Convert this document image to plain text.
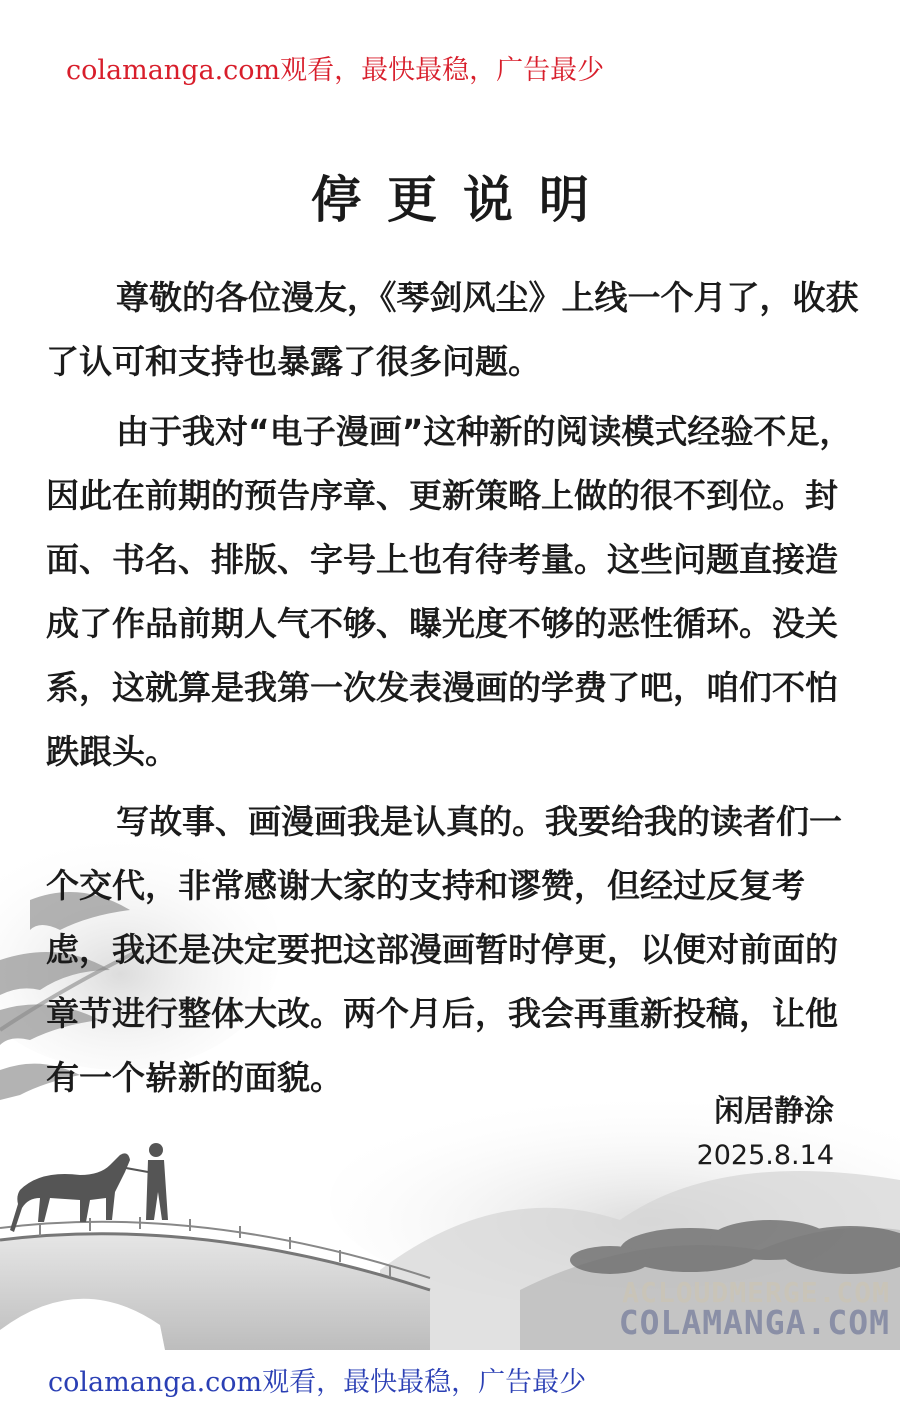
colamanga.com观看，最快最稳，广告最少
停更说明

尊敬的各位漫友，《琴剑风尘》上线一个月了，收获了认可和支持也暴露了很多问题。

由于我对“电子漫画”这种新的阅读模式经验不足，因此在前期的预告序章、更新策略上做的很不到位。封面、书名、排版、字号上也有待考量。这些问题直接造成了作品前期人气不够、曝光度不够的恶性循环。没关系，这就算是我第一次发表漫画的学费了吧，咱们不怕跌跟头。

写故事、画漫画我是认真的。我要给我的读者们一个交代，非常感谢大家的支持和谬赞，但经过反复考虑，我还是决定要把这部漫画暂时停更，以便对前面的章节进行整体大改。两个月后，我会再重新投稿，让他有一个崭新的面貌。

闲居静涂
2025.8.14
ACLOUDMERGE.COM
COLAMANGA.COM
colamanga.com观看，最快最稳，广告最少
